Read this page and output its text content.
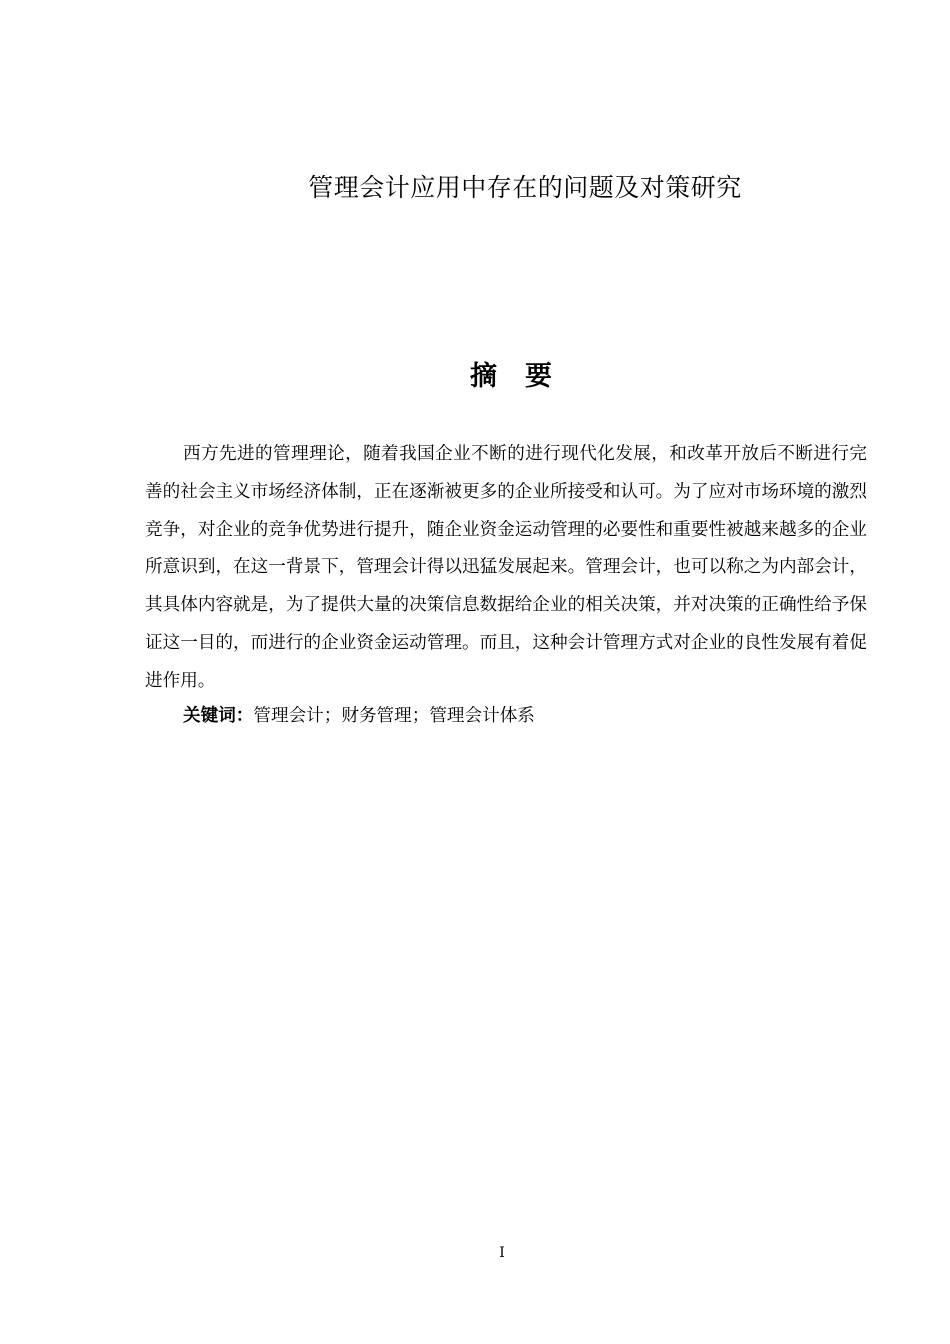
管理会计应用中存在的问题及对策研究
摘要

西方先进的管理理论，随着我国企业不断的进行现代化发展，和改革开放后不断进行完善的社会主义市场经济体制，正在逐渐被更多的企业所接受和认可。为了应对市场环境的激烈竞争，对企业的竞争优势进行提升，随企业资金运动管理的必要性和重要性被越来越多的企业所意识到，在这一背景下，管理会计得以迅猛发展起来。管理会计，也可以称之为内部会计，其具体内容就是，为了提供大量的决策信息数据给企业的相关决策，并对决策的正确性给予保证这一目的，而进行的企业资金运动管理。而且，这种会计管理方式对企业的良性发展有着促进作用。

关键词：管理会计；财务管理；管理会计体系

I
